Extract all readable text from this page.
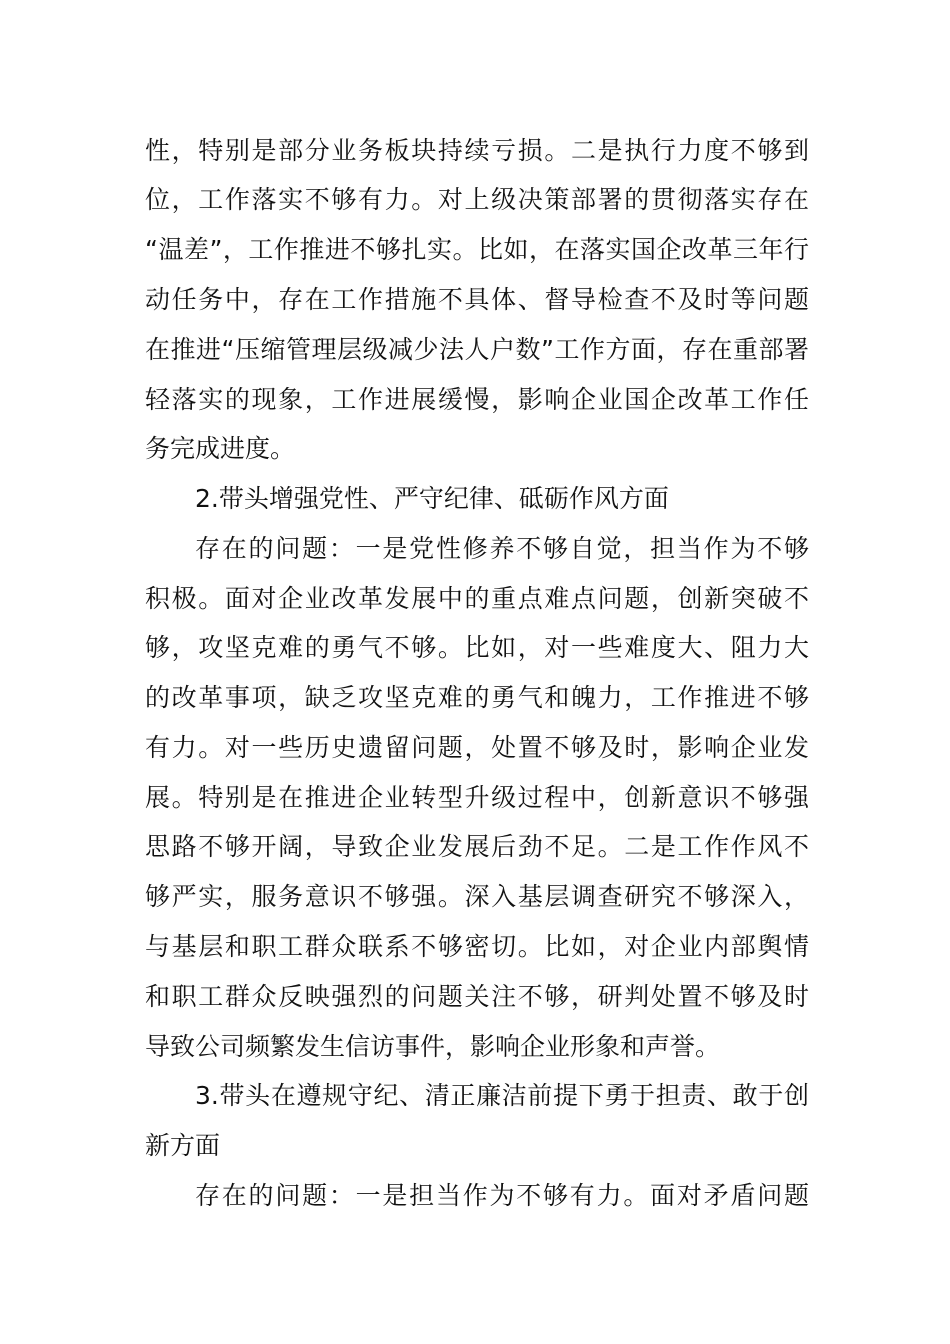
性，特别是部分业务板块持续亏损。二是执行力度不够到
位，工作落实不够有力。对上级决策部署的贯彻落实存在
“温差”，工作推进不够扎实。比如，在落实国企改革三年行
动任务中，存在工作措施不具体、督导检查不及时等问题
在推进“压缩管理层级减少法人户数”工作方面，存在重部署
轻落实的现象，工作进展缓慢，影响企业国企改革工作任
务完成进度。
2.带头增强党性、严守纪律、砥砺作风方面
存在的问题：一是党性修养不够自觉，担当作为不够
积极。面对企业改革发展中的重点难点问题，创新突破不
够，攻坚克难的勇气不够。比如，对一些难度大、阻力大
的改革事项，缺乏攻坚克难的勇气和魄力，工作推进不够
有力。对一些历史遗留问题，处置不够及时，影响企业发
展。特别是在推进企业转型升级过程中，创新意识不够强
思路不够开阔，导致企业发展后劲不足。二是工作作风不
够严实，服务意识不够强。深入基层调查研究不够深入，
与基层和职工群众联系不够密切。比如，对企业内部舆情
和职工群众反映强烈的问题关注不够，研判处置不够及时
导致公司频繁发生信访事件，影响企业形象和声誉。
3.带头在遵规守纪、清正廉洁前提下勇于担责、敢于创
新方面
存在的问题：一是担当作为不够有力。面对矛盾问题
